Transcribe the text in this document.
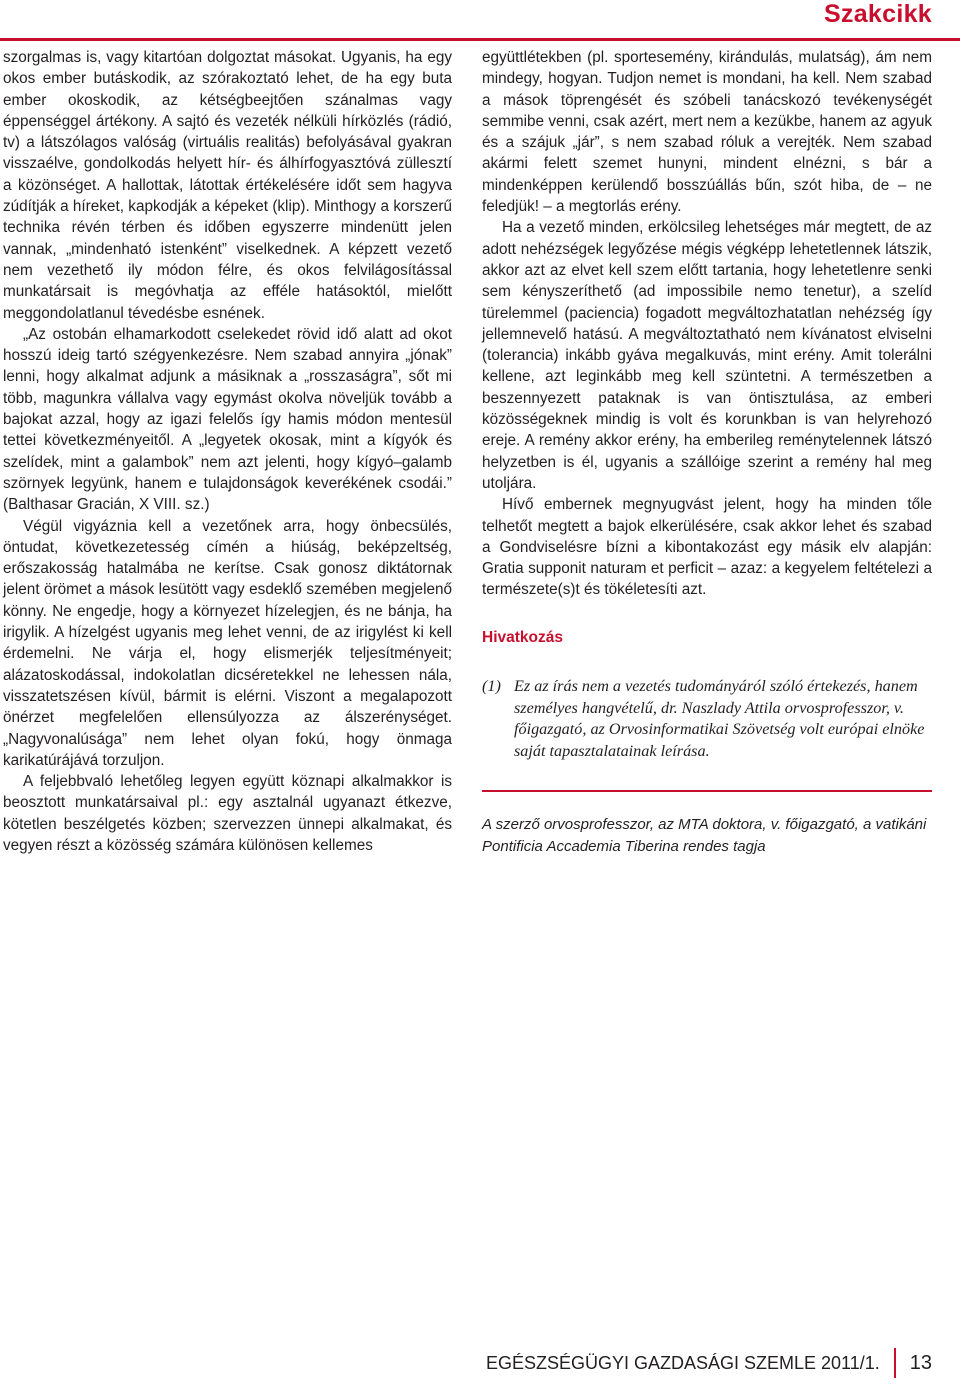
Szakcikk

szorgalmas is, vagy kitartóan dolgoztat másokat. Ugyanis, ha egy okos ember butáskodik, az szórakoztató lehet, de ha egy buta ember okoskodik, az kétségbeejtően szánalmas vagy éppenséggel ártékony. A sajtó és vezeték nélküli hírközlés (rádió, tv) a látszólagos valóság (virtuális realitás) befolyásával gyakran visszaélve, gondolkodás helyett hír- és álhírfogyasztóvá züllesztí a közönséget. A hallottak, látottak értékelésére időt sem hagyva zúdítják a híreket, kapkodják a képeket (klip). Minthogy a korszerű technika révén térben és időben egyszerre mindenütt jelen vannak, „mindenható istenként” viselkednek. A képzett vezető nem vezethető ily módon félre, és okos felvilágosítással munkatársait is megóvhatja az efféle hatásoktól, mielőtt meggondolatlanul tévedésbe esnének.

„Az ostobán elhamarkodott cselekedet rövid idő alatt ad okot hosszú ideig tartó szégyenkezésre. Nem szabad annyira „jónak” lenni, hogy alkalmat adjunk a másiknak a „rosszaságra”, sőt mi több, magunkra vállalva vagy egymást okolva növeljük tovább a bajokat azzal, hogy az igazi felelős így hamis módon mentesül tettei következményeitől. A „legyetek okosak, mint a kígyók és szelídek, mint a galambok” nem azt jelenti, hogy kígyó–galamb szörnyek legyünk, hanem e tulajdonságok keverékének csodái.” (Balthasar Gracián, X VIII. sz.)

Végül vigyáznia kell a vezetőnek arra, hogy önbecsülés, öntudat, következetesség címén a hiúság, beképzeltség, erőszakosság hatalmába ne kerítse. Csak gonosz diktátornak jelent örömet a mások lesütött vagy esdeklő szemében megjelenő könny. Ne engedje, hogy a környezet hízelegjen, és ne bánja, ha irigylik. A hízelgést ugyanis meg lehet venni, de az irigylést ki kell érdemelni. Ne várja el, hogy elismerjék teljesítményeit; alázatoskodással, indokolatlan dicséretekkel ne lehessen nála, visszatetszésen kívül, bármit is elérni. Viszont a megalapozott önérzet megfelelően ellensúlyozza az álszerénységet. „Nagyvonalúsága” nem lehet olyan fokú, hogy önmaga karikatúrájává torzuljon.

A feljebbvaló lehetőleg legyen együtt köznapi alkalmakkor is beosztott munkatársaival pl.: egy asztalnál ugyanazt étkezve, kötetlen beszélgetés közben; szervezzen ünnepi alkalmakat, és vegyen részt a közösség számára különösen kellemes

együttlétekben (pl. sportesemény, kirándulás, mulatság), ám nem mindegy, hogyan. Tudjon nemet is mondani, ha kell. Nem szabad a mások töprengését és szóbeli tanácskozó tevékenységét semmibe venni, csak azért, mert nem a kezükbe, hanem az agyuk és a szájuk „jár”, s nem szabad róluk a verejték. Nem szabad akármi felett szemet hunyni, mindent elnézni, s bár a mindenképpen kerülendő bosszúállás bűn, szót hiba, de – ne feledjük! – a megtorlás erény.

Ha a vezető minden, erkölcsileg lehetséges már megtett, de az adott nehézségek legyőzése mégis végképp lehetetlennek látszik, akkor azt az elvet kell szem előtt tartania, hogy lehetetlenre senki sem kényszeríthető (ad impossibile nemo tenetur), a szelíd türelemmel (paciencia) fogadott megváltozhatatlan nehézség így jellemnevelő hatású. A megváltoztatható nem kívánatost elviselni (tolerancia) inkább gyáva megalkuvás, mint erény. Amit tolerálni kellene, azt leginkább meg kell szüntetni. A természetben a beszennyezett pataknak is van öntisztulása, az emberi közösségeknek mindig is volt és korunkban is van helyrehozó ereje. A remény akkor erény, ha emberileg reménytelennek látszó helyzetben is él, ugyanis a szállóige szerint a remény hal meg utoljára.

Hívő embernek megnyugvást jelent, hogy ha minden tőle telhetőt megtett a bajok elkerülésére, csak akkor lehet és szabad a Gondviselésre bízni a kibontakozást egy másik elv alapján: Gratia supponit naturam et perficit – azaz: a kegyelem feltételezi a természete(s)t és tökéletesíti azt.

Hivatkozás
(1) Ez az írás nem a vezetés tudományáról szóló értekezés, hanem személyes hangvételű, dr. Naszlady Attila orvosprofesszor, v. főigazgató, az Orvosinformatikai Szövetség volt európai elnöke saját tapasztalatainak leírása.
A szerző orvosprofesszor, az MTA doktora, v. főigazgató, a vatikáni Pontificia Accademia Tiberina rendes tagja
EGÉSZSÉGÜGYI GAZDASÁGI SZEMLE 2011/1. 13
